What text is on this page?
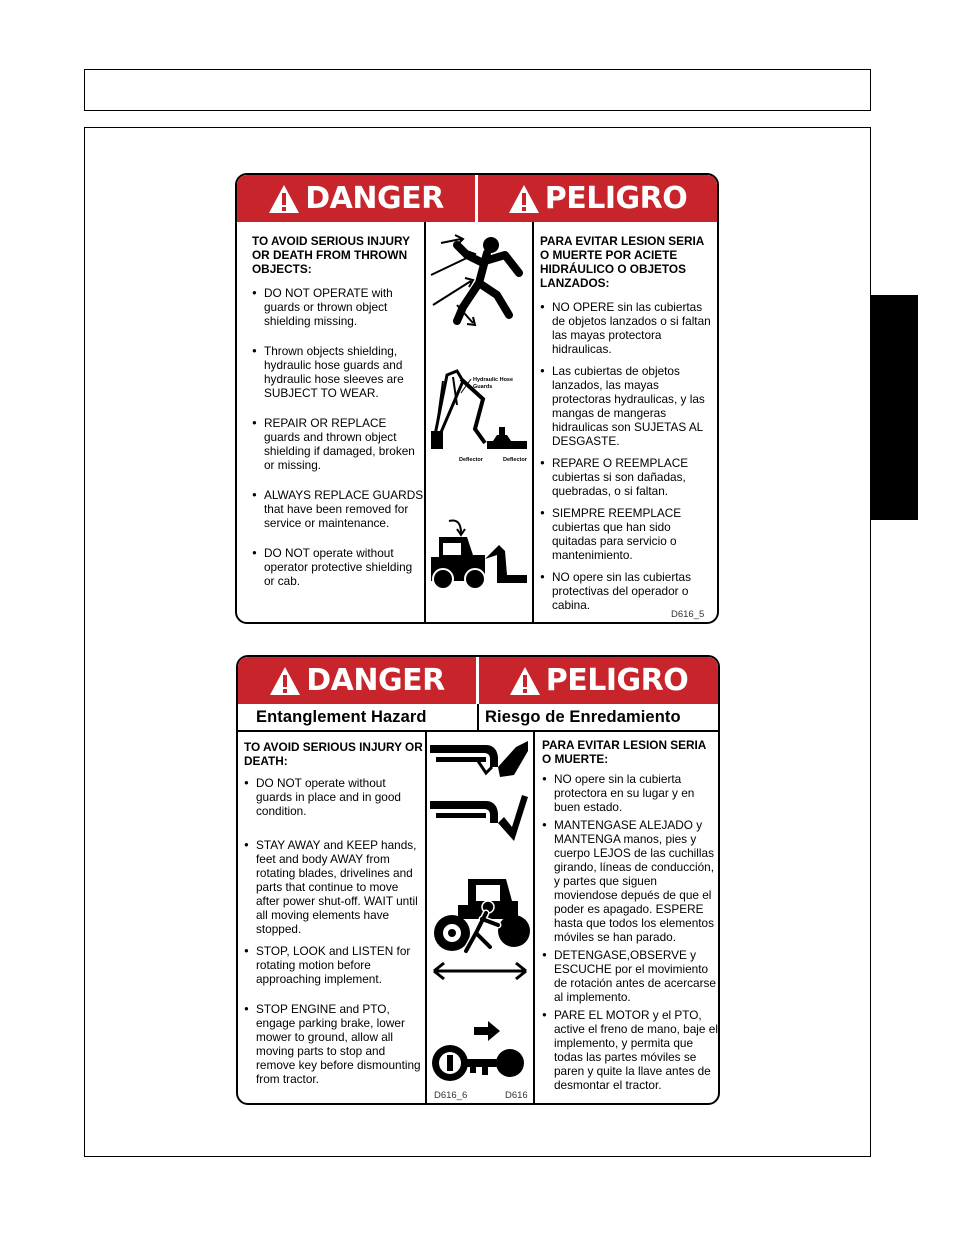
DANGER	PELIGRO
TO AVOID SERIOUS INJURY OR DEATH FROM THROWN OBJECTS:
● DO NOT OPERATE with guards or thrown object shielding missing.
● Thrown objects shielding, hydraulic hose guards and hydraulic hose sleeves are SUBJECT TO WEAR.
● REPAIR OR REPLACE guards and thrown object shielding if damaged, broken or missing.
● ALWAYS REPLACE GUARDS that have been removed for service or maintenance.
● DO NOT operate without operator protective shielding or cab.
Hydraulic Hose Guards
Deflector	Deflector
PARA EVITAR LESION SERIA O MUERTE POR ACIETE HIDRÁULICO O OBJETOS LANZADOS:
● NO OPERE sin las cubiertas de objetos lanzados o si faltan las mayas protectora hidraulicas.
● Las cubiertas de objetos lanzados, las mayas protectoras hydraulicas, y las mangas de mangeras hidraulicas son SUJETAS AL DESGASTE.
● REPARE O REEMPLACE cubiertas si son dañadas, quebradas, o si faltan.
● SIEMPRE REEMPLACE cubiertas que han sido quitadas para servicio o mantenimiento.
● NO opere sin las cubiertas protectivas del operador o cabina.
D616_5
DANGER	PELIGRO
Entanglement Hazard	Riesgo de Enredamiento
TO AVOID SERIOUS INJURY OR DEATH:
● DO NOT operate without guards in place and in good condition.
● STAY AWAY and KEEP hands, feet and body AWAY from rotating blades, drivelines and parts that continue to move after power shut-off. WAIT until all moving elements have stopped.
● STOP, LOOK and LISTEN for rotating motion before approaching implement.
● STOP ENGINE and PTO, engage parking brake, lower mower to ground, allow all moving parts to stop and remove key before dismounting from tractor.
PARA EVITAR LESION SERIA O MUERTE:
● NO opere sin la cubierta protectora en su lugar y en buen estado.
● MANTENGASE ALEJADO y MANTENGA manos, pies y cuerpo LEJOS de las cuchillas girando, líneas de conducción, y partes que siguen moviendose depués de que el poder es apagado. ESPERE hasta que todos los elementos móviles se han parado.
● DETENGASE,OBSERVE y ESCUCHE por el movimiento de rotación antes de acercarse al implemento.
● PARE EL MOTOR y el PTO, active el freno de mano, baje el implemento, y permita que todas las partes móviles se paren y quite la llave antes de desmontar el tractor.
D616_6	D616
